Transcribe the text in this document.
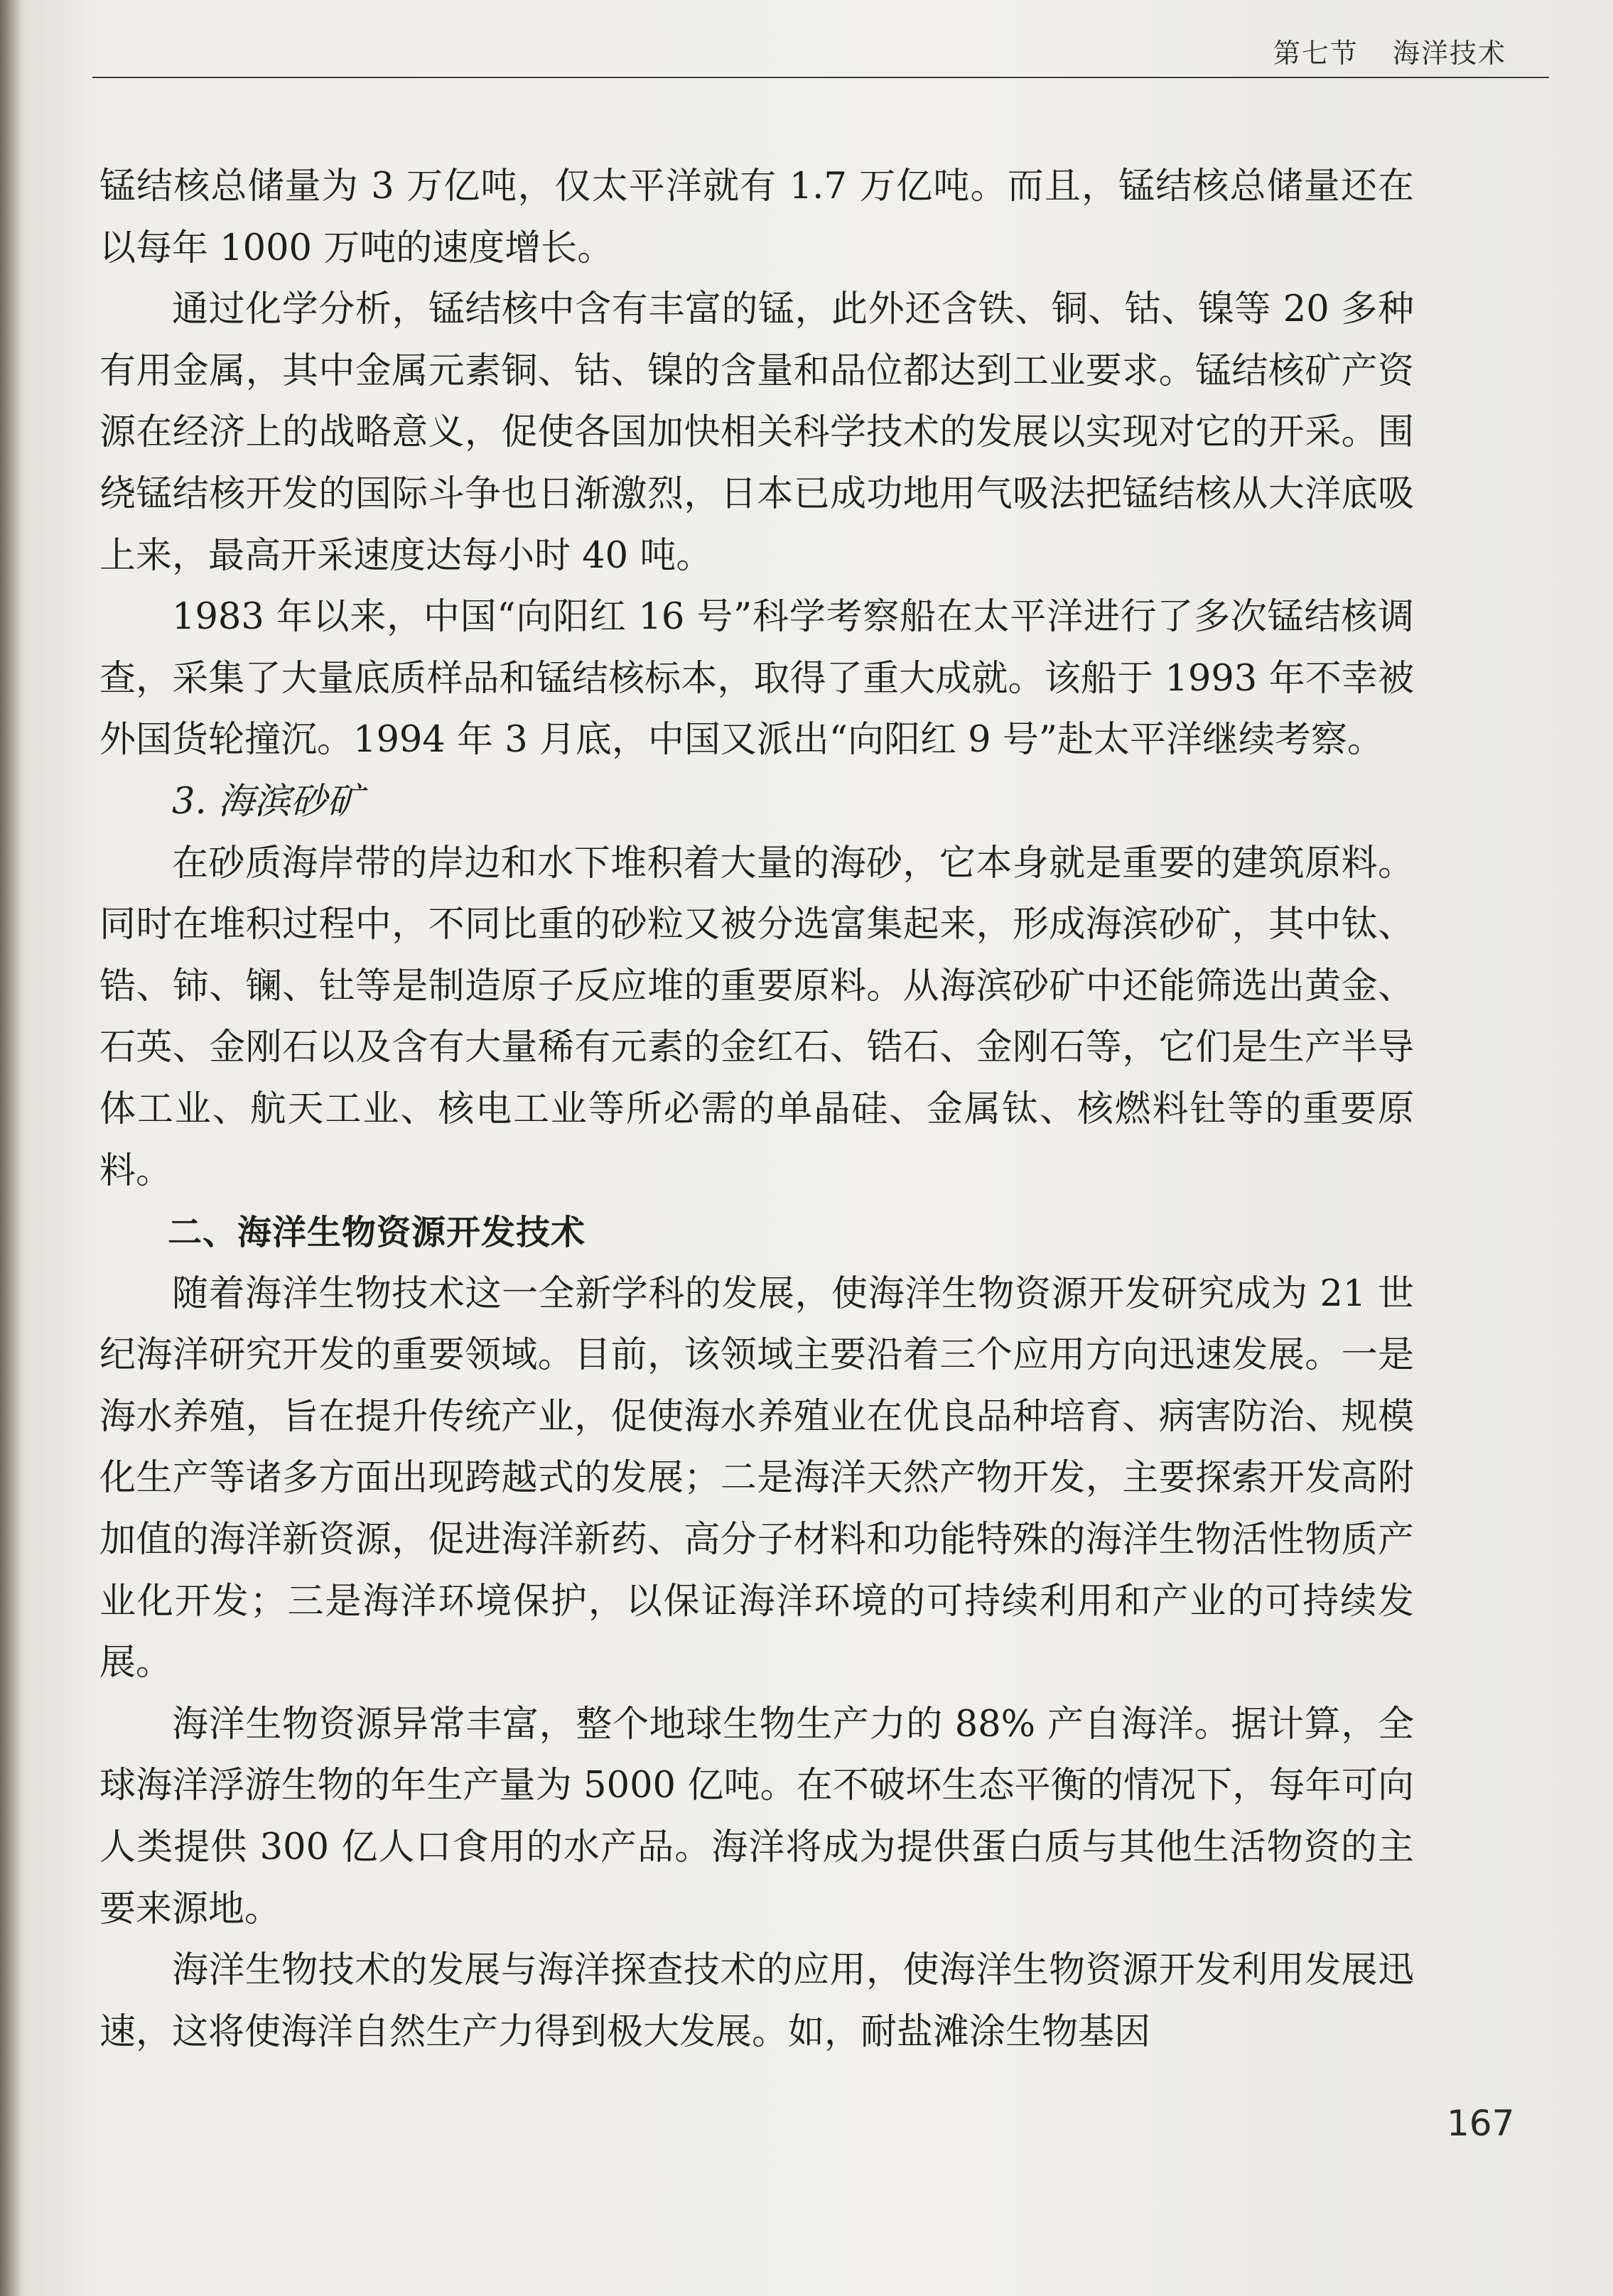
第七节 海洋技术

锰结核总储量为 3 万亿吨，仅太平洋就有 1.7 万亿吨。而且，锰结核总储量还在以每年 1000 万吨的速度增长。

通过化学分析，锰结核中含有丰富的锰，此外还含铁、铜、钴、镍等 20 多种有用金属，其中金属元素铜、钴、镍的含量和品位都达到工业要求。锰结核矿产资源在经济上的战略意义，促使各国加快相关科学技术的发展以实现对它的开采。围绕锰结核开发的国际斗争也日渐激烈，日本已成功地用气吸法把锰结核从大洋底吸上来，最高开采速度达每小时 40 吨。

1983 年以来，中国“向阳红 16 号”科学考察船在太平洋进行了多次锰结核调查，采集了大量底质样品和锰结核标本，取得了重大成就。该船于 1993 年不幸被外国货轮撞沉。1994 年 3 月底，中国又派出“向阳红 9 号”赴太平洋继续考察。

3. 海滨砂矿

在砂质海岸带的岸边和水下堆积着大量的海砂，它本身就是重要的建筑原料。同时在堆积过程中，不同比重的砂粒又被分选富集起来，形成海滨砂矿，其中钛、锆、铈、镧、钍等是制造原子反应堆的重要原料。从海滨砂矿中还能筛选出黄金、石英、金刚石以及含有大量稀有元素的金红石、锆石、金刚石等，它们是生产半导体工业、航天工业、核电工业等所必需的单晶硅、金属钛、核燃料钍等的重要原料。

二、海洋生物资源开发技术

随着海洋生物技术这一全新学科的发展，使海洋生物资源开发研究成为 21 世纪海洋研究开发的重要领域。目前，该领域主要沿着三个应用方向迅速发展。一是海水养殖，旨在提升传统产业，促使海水养殖业在优良品种培育、病害防治、规模化生产等诸多方面出现跨越式的发展；二是海洋天然产物开发，主要探索开发高附加值的海洋新资源，促进海洋新药、高分子材料和功能特殊的海洋生物活性物质产业化开发；三是海洋环境保护，以保证海洋环境的可持续利用和产业的可持续发展。

海洋生物资源异常丰富，整个地球生物生产力的 88% 产自海洋。据计算，全球海洋浮游生物的年生产量为 5000 亿吨。在不破坏生态平衡的情况下，每年可向人类提供 300 亿人口食用的水产品。海洋将成为提供蛋白质与其他生活物资的主要来源地。

海洋生物技术的发展与海洋探查技术的应用，使海洋生物资源开发利用发展迅速，这将使海洋自然生产力得到极大发展。如，耐盐滩涂生物基因

167
